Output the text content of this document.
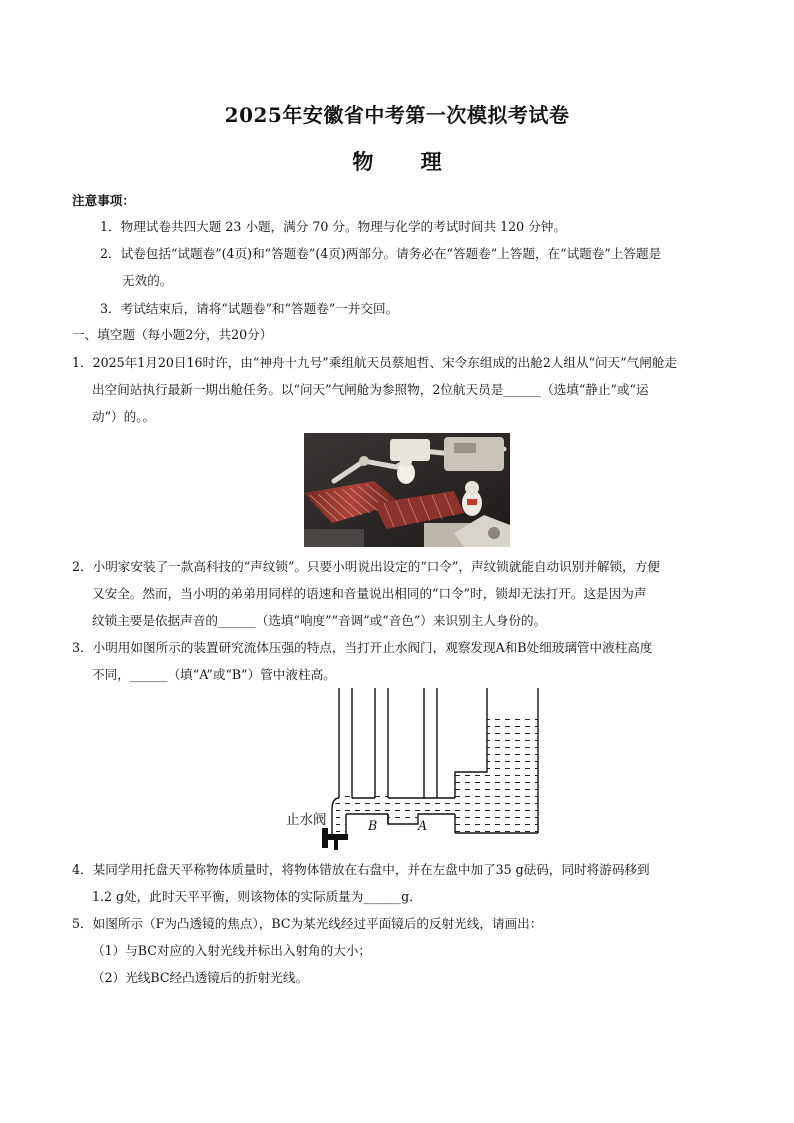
2025年安徽省中考第一次模拟考试卷
物 理
注意事项：
1．物理试卷共四大题 23 小题，满分 70 分。物理与化学的考试时间共 120 分钟。
2．试卷包括“试题卷”(4页)和“答题卷”(4页)两部分。请务必在“答题卷”上答题，在“试题卷”上答题是
无效的。
3．考试结束后，请将“试题卷”和“答题卷”一并交回。
一、填空题（每小题2分，共20分）
1．2025年1月20日16时许，由“神舟十九号”乘组航天员蔡旭哲、宋令东组成的出舱2人组从“问天”气闸舱走
出空间站执行最新一期出舱任务。以“问天”气闸舱为参照物，2位航天员是______（选填“静止”或“运
动”）的。。
2．小明家安装了一款高科技的“声纹锁”。只要小明说出设定的“口令”，声纹锁就能自动识别并解锁，方便
又安全。然而，当小明的弟弟用同样的语速和音量说出相同的“口令”时，锁却无法打开。这是因为声
纹锁主要是依据声音的______（选填“响度”“音调”或“音色”）来识别主人身份的。
3．小明用如图所示的装置研究流体压强的特点，当打开止水阀门，观察发现A和B处细玻璃管中液柱高度
不同，______（填“A”或“B”）管中液柱高。
止水阀	B	A
4．某同学用托盘天平称物体质量时，将物体错放在右盘中，并在左盘中加了35 g砝码，同时将游码移到
1.2 g处，此时天平平衡，则该物体的实际质量为______g．
5．如图所示（F为凸透镜的焦点），BC为某光线经过平面镜后的反射光线，请画出：
（1）与BC对应的入射光线并标出入射角的大小；
（2）光线BC经凸透镜后的折射光线。
